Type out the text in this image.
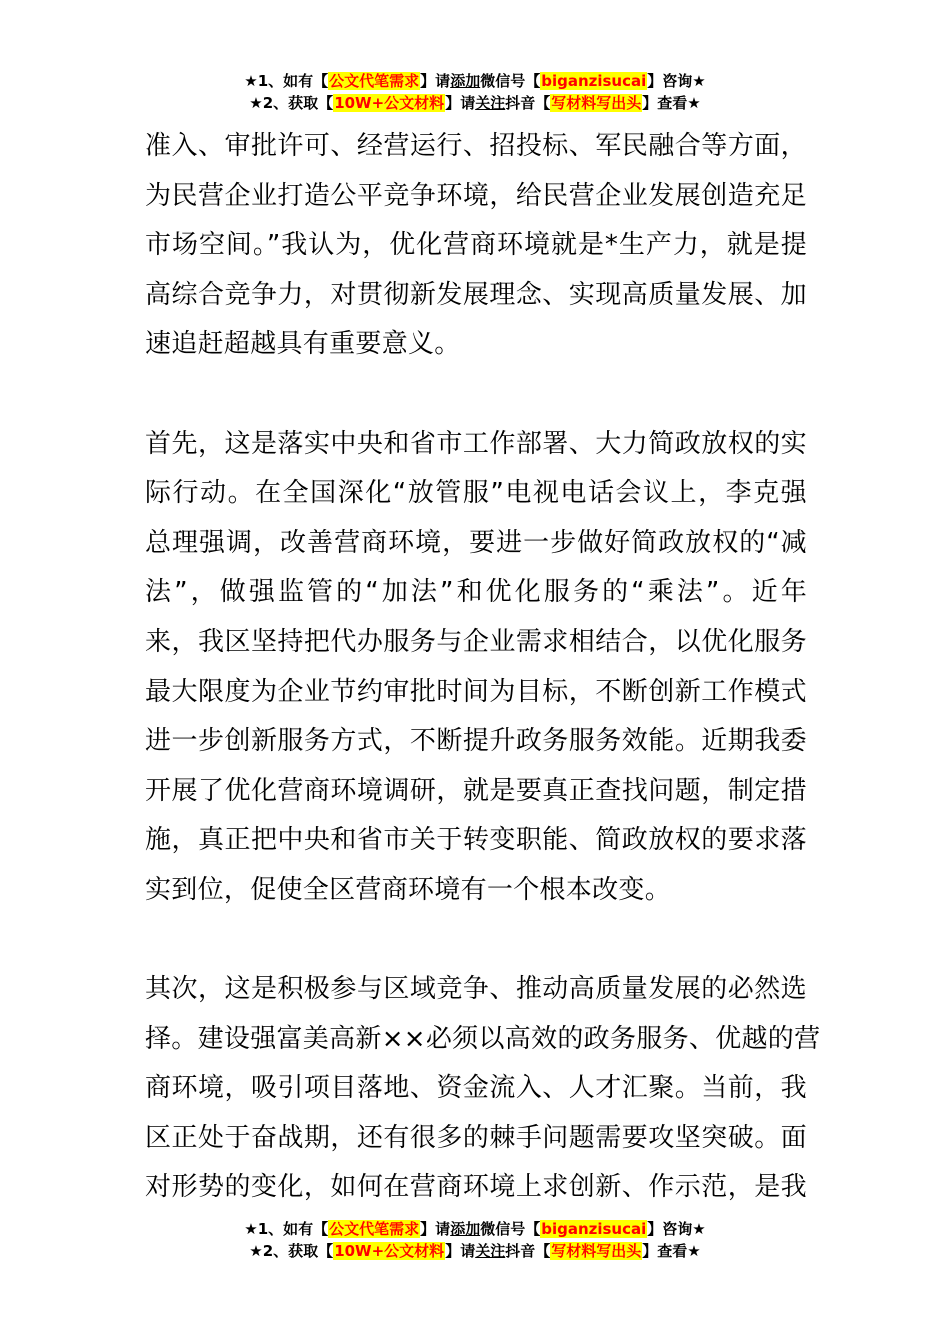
★1、如有【公文代笔需求】请添加微信号【biganzisucai】咨询★
★2、获取【10W+公文材料】请关注抖音【写材料写出头】查看★

准入、审批许可、经营运行、招投标、军民融合等方面，
为民营企业打造公平竞争环境，给民营企业发展创造充足
市场空间。”我认为，优化营商环境就是*生产力，就是提
高综合竞争力，对贯彻新发展理念、实现高质量发展、加
速追赶超越具有重要意义。

首先，这是落实中央和省市工作部署、大力简政放权的实
际行动。在全国深化“放管服”电视电话会议上，李克强
总理强调，改善营商环境，要进一步做好简政放权的“减
法”，做强监管的“加法”和优化服务的“乘法”。近年
来，我区坚持把代办服务与企业需求相结合，以优化服务
最大限度为企业节约审批时间为目标，不断创新工作模式
进一步创新服务方式，不断提升政务服务效能。近期我委
开展了优化营商环境调研，就是要真正查找问题，制定措
施，真正把中央和省市关于转变职能、简政放权的要求落
实到位，促使全区营商环境有一个根本改变。

其次，这是积极参与区域竞争、推动高质量发展的必然选
择。建设强富美高新××必须以高效的政务服务、优越的营
商环境，吸引项目落地、资金流入、人才汇聚。当前，我
区正处于奋战期，还有很多的棘手问题需要攻坚突破。面
对形势的变化，如何在营商环境上求创新、作示范，是我

★1、如有【公文代笔需求】请添加微信号【biganzisucai】咨询★
★2、获取【10W+公文材料】请关注抖音【写材料写出头】查看★
